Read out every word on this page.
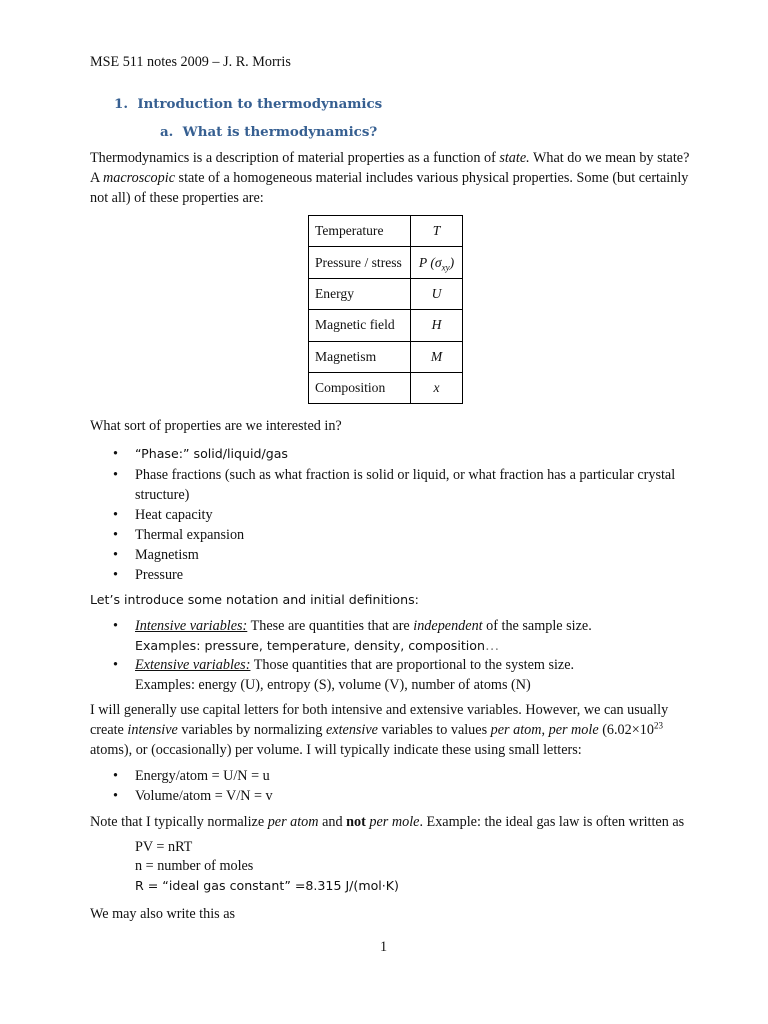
MSE 511 notes 2009 – J. R. Morris
1. Introduction to thermodynamics
a. What is thermodynamics?
Thermodynamics is a description of material properties as a function of state. What do we mean by state?
A macroscopic state of a homogeneous material includes various physical properties. Some (but certainly
not all) of these properties are:
Temperature	T
Pressure / stress	P $(\sigma_{xy})$
Energy	U
Magnetic field	H
Magnetism	M
Composition	x
What sort of properties are we interested in?
• “Phase:” solid/liquid/gas
• Phase fractions (such as what fraction is solid or liquid, or what fraction has a particular crystal
structure)
• Heat capacity
• Thermal expansion
• Magnetism
• Pressure
Let’s introduce some notation and initial definitions:
• Intensive variables: These are quantities that are independent of the sample size.
Examples: pressure, temperature, density, composition…
• Extensive variables: Those quantities that are proportional to the system size.
Examples: energy (U), entropy (S), volume (V), number of atoms (N)
I will generally use capital letters for both intensive and extensive variables. However, we can usually
create intensive variables by normalizing extensive variables to values per atom, per mole ($6.02\times 10^{23}$
atoms), or (occasionally) per volume. I will typically indicate these using small letters:
• Energy/atom = U/N = u
• Volume/atom = V/N = v
Note that I typically normalize per atom and not per mole. Example: the ideal gas law is often written as
PV = nRT
n = number of moles
R = “ideal gas constant” =8.315 J/(mol·K)
We may also write this as
1
